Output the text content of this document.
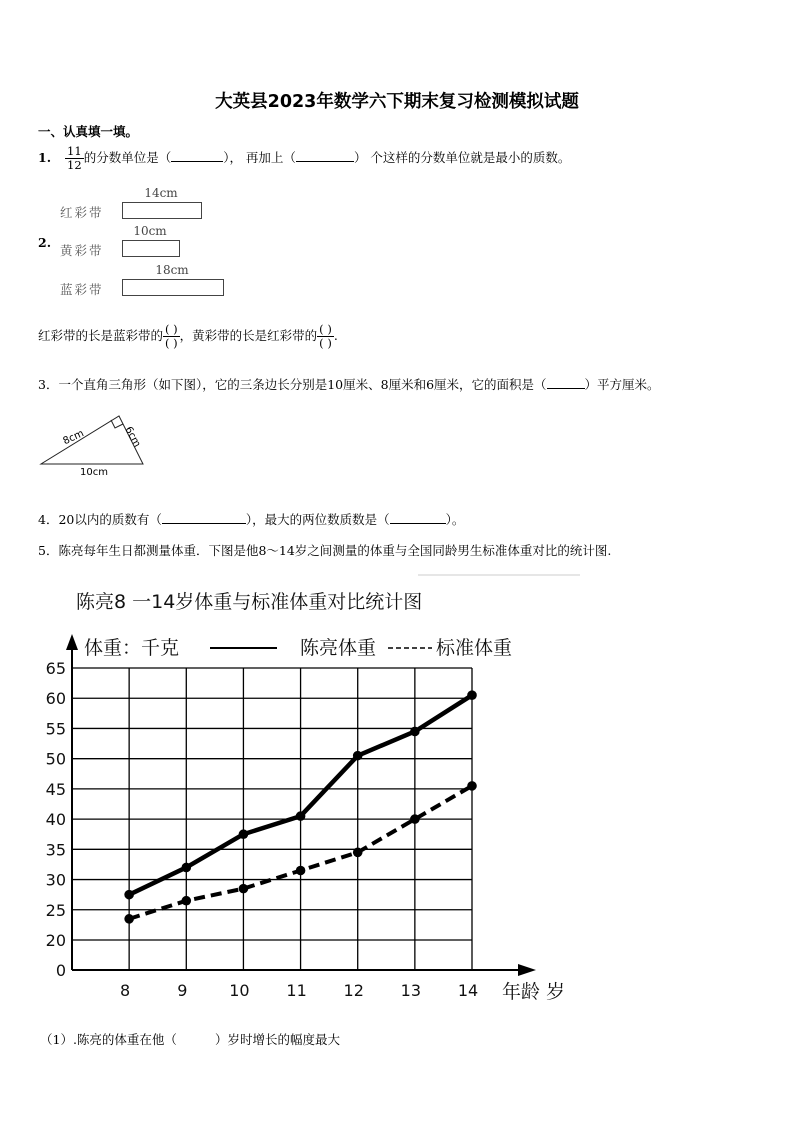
大英县2023年数学六下期末复习检测模拟试题
一、认真填一填。
1. $\frac{11}{12}$ 的分数单位是（	）， 再加上（	） 个这样的分数单位就是最小的质数。
2.
14cm
红彩带
10cm
黄彩带
18cm
蓝彩带
红彩带的长是蓝彩带的 $\frac{( )}{( )}$ ，黄彩带的长是红彩带的 $\frac{( )}{( )}$ .
3．一个直角三角形（如下图），它的三条边长分别是10厘米、8厘米和6厘米，它的面积是（	）平方厘米。
8cm	6cm
10cm
4．20以内的质数有（	），最大的两位数质数是（	）。
5．陈亮每年生日都测量体重．下图是他8～14岁之间测量的体重与全国同龄男生标准体重对比的统计图.
陈亮8 一14岁体重与标准体重对比统计图
0
20
25
30
35
40
45
50
55
60
65
8	9	10 11 12 13 14
体重：千克
年龄 岁
陈亮体重	标准体重
（1）.陈亮的体重在他（	）岁时增长的幅度最大
